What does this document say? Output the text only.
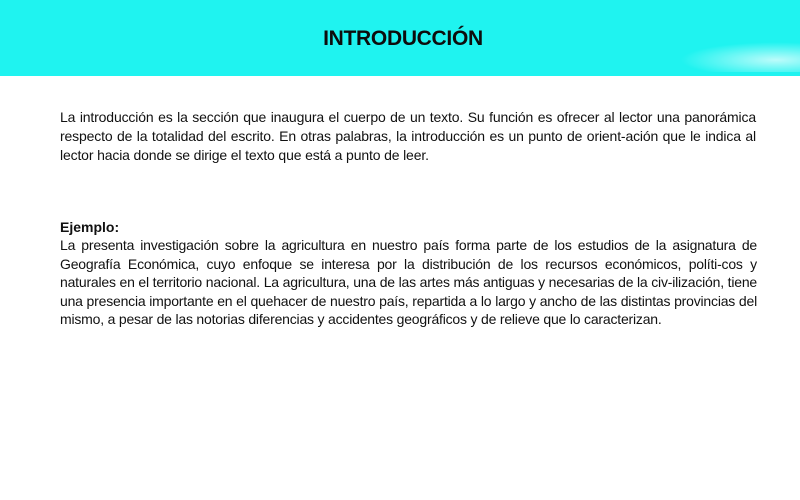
INTRODUCCIÓN

La introducción es la sección que inaugura el cuerpo de un texto. Su función es ofrecer al lector una panorámica respecto de la totalidad del escrito. En otras palabras, la introducción es un punto de orient-ación que le indica al lector hacia donde se dirige el texto que está a punto de leer.

Ejemplo:

La presenta investigación sobre la agricultura en nuestro país forma parte de los estudios de la asignatura de Geografía Económica, cuyo enfoque se interesa por la distribución de los recursos económicos, políti-cos y naturales en el territorio nacional. La agricultura, una de las artes más antiguas y necesarias de la civ-ilización, tiene una presencia importante en el quehacer de nuestro país, repartida a lo largo y ancho de las distintas provincias del mismo, a pesar de las notorias diferencias y accidentes geográficos y de relieve que lo caracterizan.
